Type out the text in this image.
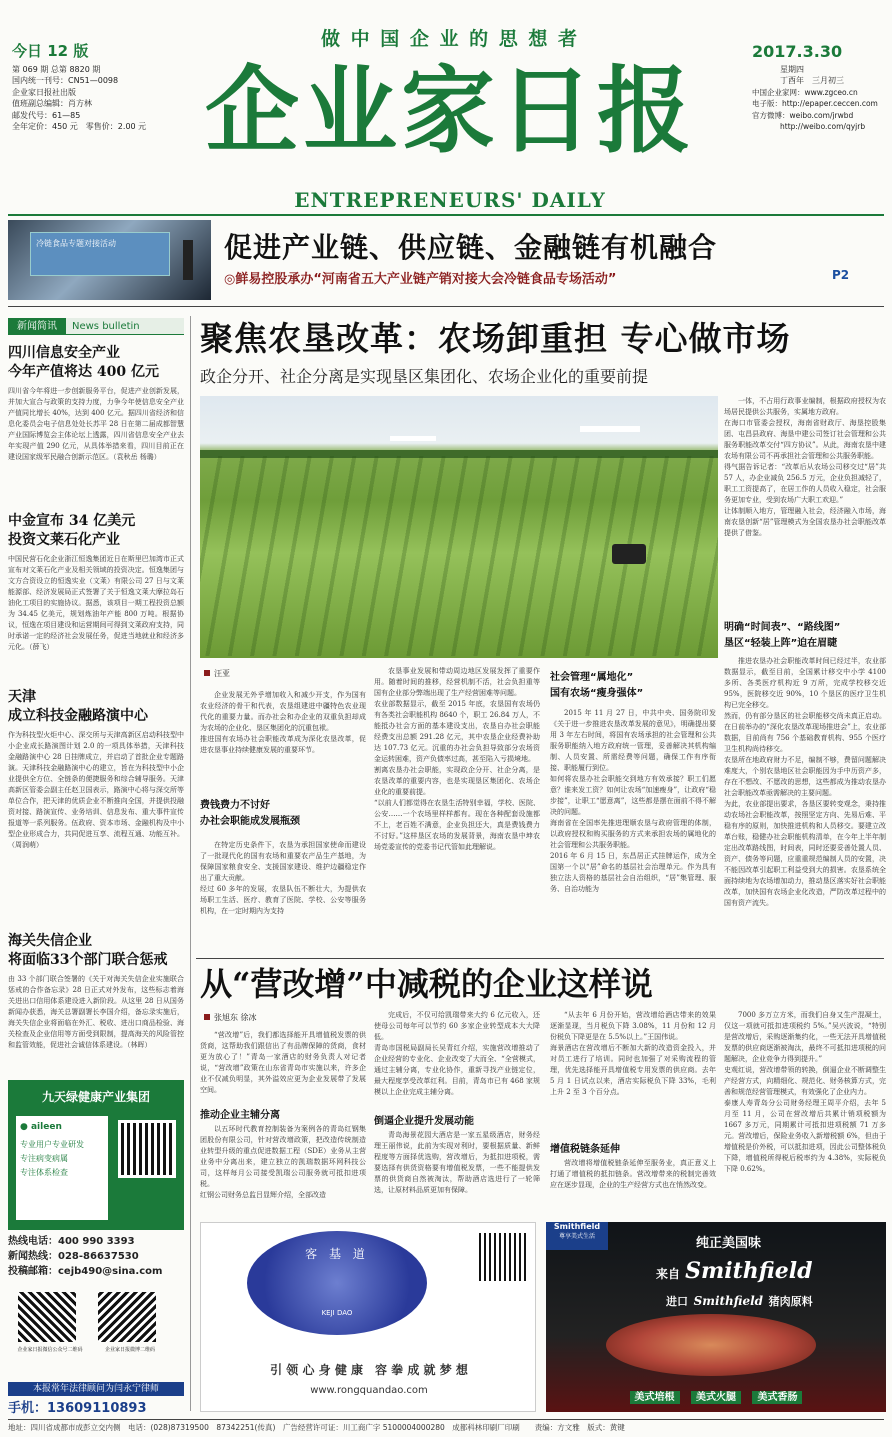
今日 12 版
第 069 期 总第 8820 期
国内统一刊号：CN51—0098
企业家日报社出版
值班副总编辑：肖方林
邮发代号：61—85
全年定价：450 元　零售价：2.00 元
做 中 国 企 业 的 思 想 者
企业家日报
ENTREPRENEURS' DAILY
2017.3.30
星期四
丁酉年　三月初三
中国企业家网：www.zgceo.cn
电子版：http://epaper.ceccen.com
官方微博：weibo.com/jrwbd
http://weibo.com/qyjrb
冷链食品专题对接活动	促进产业链、供应链、金融链有机融合
◎鲜易控股承办“河南省五大产业链产销对接大会冷链食品专场活动”	P2
新闻简讯	News bulletin
四川信息安全产业
今年产值将达 400 亿元
四川省今年将进一步创新服务平台，促进产业创新发展，并加大宣合与政策的支持力度，力争今年使信息安全产业产值同比增长 40%，达到 400 亿元。据四川省经济和信息化委员会电子信息处处长苏平 28 日在第二届成都智慧产业国际博览会主体论坛上透露，四川省信息安全产业去年实现产值 290 亿元，从具体举措来看，四川目前正在建设国家级军民融合创新示范区。（袁秋岳 杨璐）
中金宣布 34 亿美元
投资文莱石化产业
中国民营石化企业浙江恒逸集团近日在斯里巴加湾市正式宣布对文莱石化产业及相关领域的投资决定。恒逸集团与文方合资设立的恒逸实业（文莱）有限公司 27 日与文莱能源部、经济发展局正式签署了关于恒逸文莱大摩拉岛石油化工项目的实施协议。据悉，该项目一期工程投资总额为 34.45 亿美元，规划炼油年产能 800 万吨。根据协议，恒逸在项目建设和运营期间可得到文莱政府支持，同时承诺一定的经济社会发展任务，促进当地就业和经济多元化。（薛飞）
天津
成立科技金融路演中心
作为科技型火炬中心、深交所与天津高新区启动科技型中小企业成长路演图计划 2.0 的一项具体举措，天津科技金融路演中心 28 日挂牌成立，并启动了首批企业专题路演。天津科技金融路演中心的建立，旨在为科技型中小企业提供全方位、全链条的便捷服务和综合辅导服务。天津高新区管委会副主任赵卫国表示，路演中心将与深交所等单位合作，把天津的优质企业不断推向全国，并提供投融资对接、路演宣传、业务培训、信息发布、重大事件宣传报道等一系列服务。伍政府、资本市场、金融机构及中小型企业形成合力，共同促进互享、流程互通、功能互补。（周润萌）
海关失信企业
将面临33个部门联合惩戒
由 33 个部门联合签署的《关于对海关失信企业实施联合惩戒的合作备忘录》28 日正式对外发布，这些标志着海关进出口信用体系建设进入新阶段。从这里 28 日从国务新闻办获悉，海关总署副署长李国介绍，备忘录实施后，海关失信企业将面临在外汇、税收、进出口商品检验、海关检查及企业信用等方面受到限制，提高海关的风险管控和监管效能，促进社会诚信体系建设。（林晖）
九天绿健康产业集团
● aileen
专业用户专业研发
专注病变病属
专注体系检查
热线电话：400 990 3393
新闻热线：028-86637530
投稿邮箱：cejb490@sina.com
企业家日报微信公众号二维码	企业家日报微博二维码
本报常年法律顾问为闫永宁律师
手机：13609110893
聚焦农垦改革：农场卸重担 专心做市场
政企分开、社企分离是实现垦区集团化、农场企业化的重要前提
汪亚
企业发展无外乎增加收入和减少开支，作为国有农业经济的骨干和代表，农垦组建进中疆特色农业现代化的重要力量。而办社会和办企业的双重负担却成为农场的企业化、垦区集团化的沉重包袱。
推进国有农场办社会职能改革成为深化农垦改革，促进农垦事业持续健康发展的重要环节。
费钱费力不讨好
办社会职能成发展瓶颈
在特定历史条件下，农垦为承担国家使命而建设了一批现代化的国有农场和重要农产品生产基地，为保障国家粮食安全、支援国家建设、维护边疆稳定作出了重大贡献。
经过 60 多年的发展，农垦队伍不断壮大，为提供农场职工生活、医疗、教育了医院、学校、公安等服务机构，在一定时期内为支持
农垦事业发展和带动周边地区发展发挥了重要作用。随着时间的推移，经营机制不活，社会负担重等国有企业部分弊端出现了生产经营困难等问题。
农业部数据显示，截至 2015 年底，农垦国有农场仍有各类社会职能机构 8640 个，职工 26.84 万人，不能抵办社会方面的基本建设支出，农垦自办社会职能经费支出总额 291.28 亿元，其中农垦企业经费补助达 107.73 亿元。沉重的办社会负担导致部分农场资金运转困难，资产负债率过高，甚至陷入亏损境地。
割离农垦办社会职能，实现政企分开、社企分离，是农垦改革的重要内容，也是实现垦区集团化、农场企业化的重要前提。
“以前人们都觉得在农垦生活特别幸福，学校、医院、公安……一个农场里样样都有。现在各种配套设施都不上，老百姓不满意，企业负担还大，真是费钱费力不讨好。”这样垦区农场的发展背景，海南农垦中坤农场党委宣传的党委书记代管如此理解说。
社会管理“属地化”
国有农场“瘦身强体”
2015 年 11 月 27 日，中共中央、国务院印发《关于进一步推进农垦改革发展的意见》，明确提出要用 3 年左右时间，将国有农场承担的社会管理和公共服务职能纳入地方政府统一管理，妥善解决其机构编制、人员安置、所需经费等问题，确保工作有序衔接、职能履行到位。
如何将农垦办社会职能交到地方有效承接？职工们愿意？谁来发工资？如何让农场“加速瘦身”，让政府“稳步接”，让职工“愿意离”，这些都是摆在面前不得不解决的问题。
海南省在全国率先推进理顺农垦与政府管理的体制，以政府授权和购买服务的方式来承担农场的属地化的社会管理和公共服务职能。
2016 年 6 月 15 日，东昌居正式挂牌运作，成为全国第一个以“居”命名的基层社会治理单元。作为具有独立法人资格的基层社会自治组织，“居”集管理、服务、自治功能为
一体，不占用行政事业编制，根据政府授权为农场居民提供公共服务，实属地方政府。
在海口市管委会授权，海南省财政厅、海垦控股集团、屯昌县政府、海垦中建公司签订社会管理和公共服务职能改革交付“四方协议”。从此，海南农垦中建农场有限公司不再承担社会管理和公共服务职能。
得气据告诉记者：“改革后从农场公司移交过“居”共 57 人，办企业减负 256.5 万元，企业负担减轻了，职工工资提高了，在居工作的人员收入稳定，社会服务更加专业，受到农场广大职工欢迎。”
让体制顺入地方，管理融入社会，经济融入市场，海南农垦创新“居”管理模式为全国农垦办社会职能改革提供了借鉴。
明确“时间表”、“路线图”
垦区“轻装上阵”迫在眉睫
推进农垦办社会职能改革时间已经过半，农业部数据显示，截至目前，全国累计移交中小学 4100 多所、各类医疗机构近 9 万所，完成学校移交近 95%，医院移交近 90%，10 个垦区的医疗卫生机构已完全移交。
然而，仍有部分垦区的社会职能移交尚未真正启动。在日前举办的“深化农垦改革现场推进会”上，农业部数据，目前尚有 756 个基础教育机构、955 个医疗卫生机构尚待移交。
农垦所在地政府财力不足，编制不够，费留问题解决难度大，个别农垦地区社会职能因为手中历资产多，存在不想改、不愿改的思想，这些都成为推动农垦办社会职能改革亟需解决的主要问题。
为此，农业部提出要求，各垦区要转变观念，秉持推动农场社会职能改革，按照坚定方向、先易后难、平稳有序的原则，加快推进机构和人员移交。要建立改革台账，稳健办社会职能机构清单，在今年上半年制定出改革路线图，时间表，同时还要妥善处置人员、资产、债务等问题，应重重规范编制人员的安置，决不能因改革引起职工利益受到大的损害。农垦系统全面持续地为农场增加动力，推动垦区落实好社会职能改革，加快国有农场企业化改造，严防改革过程中的国有资产流失。
从“营改增”中减税的企业这样说
张旭东 徐冰
“营改增”后，我们都选择能开具增值税发票的供货商，这帮助我们跟信出了有品牌保障的货商，食材更为放心了！”青岛一家酒店的财务负责人对记者说，“营改增”政策在山东省青岛市实施以来，许多企业不仅减负明显，其外溢效应更为企业发展带了发展空间。
推动企业主辅分离
以五环时代教育控制装备为案例各的青岛红钢集团股份有限公司，针对营改增政策，把改造传统制造业转型升级的重点促进数据工程（SDE）业务从主营业务中分离出来，建立独立的凯瑞数据环网科技公司，这样每月公司接受凯瑞公司服务就可抵扣进项税。
红钢公司财务总监吕显辉介绍，全部改造
完成后，不仅可给凯瑞带来大约 6 亿元收入，还使母公司每年可以节约 60 多家企业转型成本大大降低。
青岛市国税局副局长吴青红介绍，实施营改增推动了企业经营的专业化、企业改变了大而全、“全营模式，通过主辅分离，专业化协作，重新寻找产业链定位，最大程度享受改革红利。目前，青岛市已有 468 家规模以上企业完成主辅分离。
倒逼企业提升发展动能
青岛海景花园大酒店是一家五星级酒店，财务经理王丽伟说，此前为实现对利时，要根据质量、新鲜程度等方面择优选购，营改增后，为抵扣进项税，需要选择有供货资格要有增值税发票，一些不能提供发票的供货商自然被淘汰，帮助酒店选进行了一轮筛选，让原材料品质更加有保障。
“从去年 6 月份开始，营改增给酒店带来的效果逐渐显现，当月税负下降 3.08%，11 月份和 12 月份税负下降更是在 5.5%以上。”王国伟说。
海景酒店在营改增后不断加大新的改造资金投入，并对员工进行了培训。同时也加强了对采购流程的管理，优先选择能开具增值税专用发票的供应商。去年 5 月 1 日试点以来，酒店实际税负下降 33%，毛利上升 2 至 3 个百分点。
增值税链条延伸
营改增将增值税链条延伸至服务业，真正意义上打通了增值税的抵扣链条。营改增带来的税制完善效应在逐步显现，企业的生产经营方式也在悄然改变。
7000 多万立方米，而我们自身又生产混凝土，仅这一项就可抵扣进项税约 5%。”吴兴波说，“特别是营改增后，采购逐渐集约化，一些无法开具增值税发票的供应商逐渐被淘汰，最终不可抵扣进项税的问题解决，企业竞争力得到提升。”
史观红说，营改增带领的转换，倒逼企业不断调整生产经营方式，向精细化、规范化、财务核算方式，完善和规范经营管理模式，有效强化了企业内力。
泰康人寿青岛分公司财务经理王周平介绍，去年 5 月至 11 月，公司在营改增后共累计销项税额为 1667 多万元，同期累计可抵扣进项税额 71 万多元。营改增后，保险业务收入新增税额 6%，但由于增值税是价外税，可以抵扣进项，因此公司整体税负下降，增值税所得税后税率约为 4.38%，实际税负下降 0.62%。
客 基 道
KEJI DAO
引 领 心 身 健 康　容 拳 成 就 梦 想
www.rongquandao.com
Smithfield
尊享美式生活	纯正美国味
来自 Smithfield
进口 Smithfield 猪肉原料
美式培根 美式火腿 美式香肠
地址：四川省成都市成彭立交内侧　电话：(028)87319500　87342251(传真)　广告经营许可证：川工商广字 5100004000280　成都科林印刷厂印刷　　责编：方文雅　版式：黄键
